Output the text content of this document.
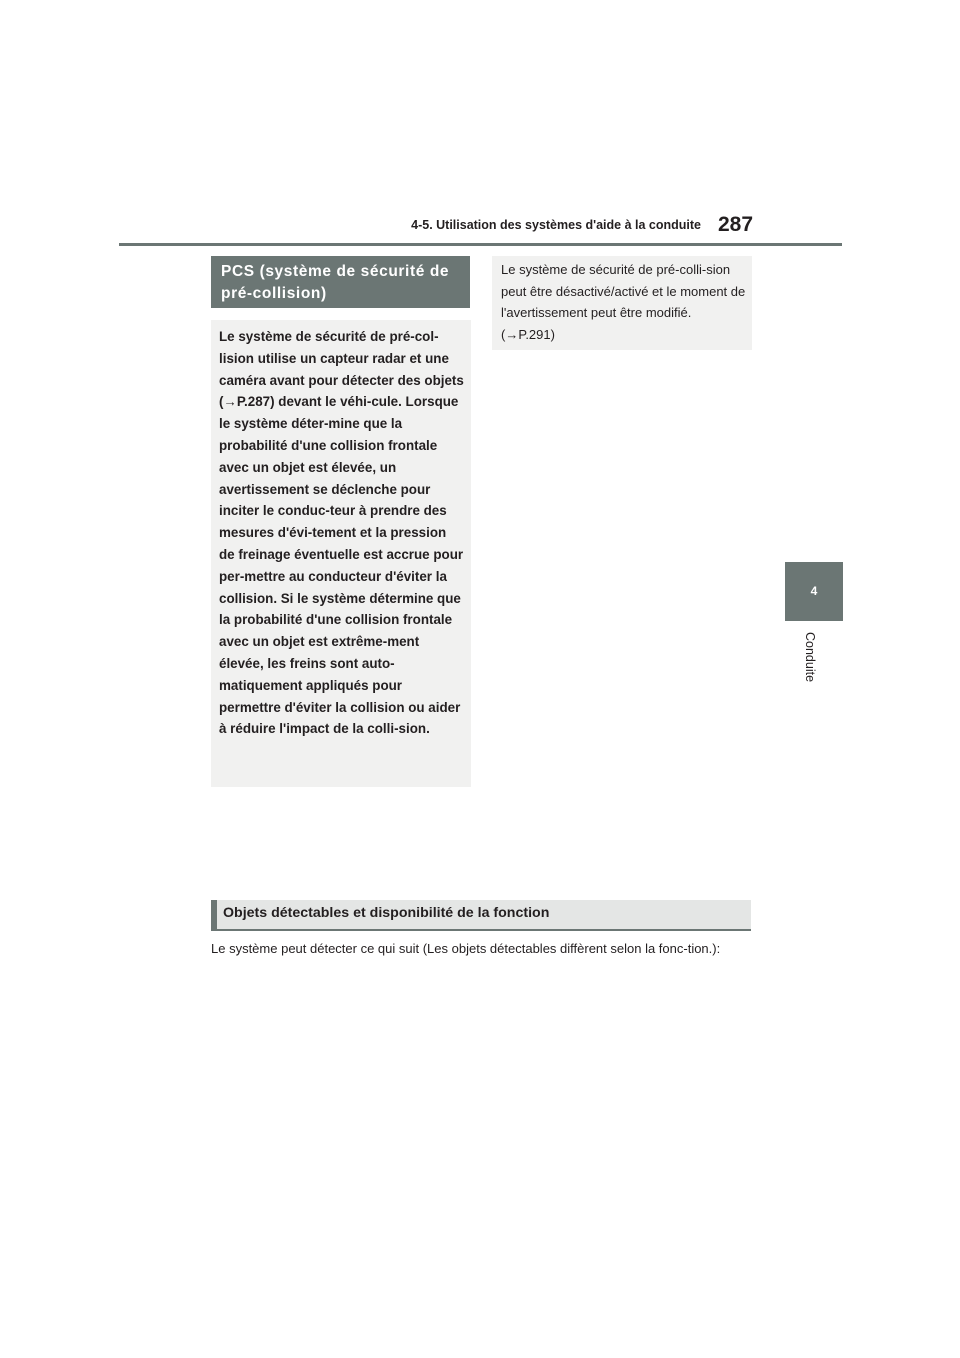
4-5. Utilisation des systèmes d'aide à la conduite 287
4
Conduite
PCS (système de sécurité de pré-collision)
Le système de sécurité de pré-col-lision utilise un capteur radar et une caméra avant pour détecter des objets (→P.287) devant le véhi-cule. Lorsque le système déter-mine que la probabilité d'une collision frontale avec un objet est élevée, un avertissement se déclenche pour inciter le conduc-teur à prendre des mesures d'évi-tement et la pression de freinage éventuelle est accrue pour per-mettre au conducteur d'éviter la collision. Si le système détermine que la probabilité d'une collision frontale avec un objet est extrême-ment élevée, les freins sont auto-matiquement appliqués pour permettre d'éviter la collision ou aider à réduire l'impact de la colli-sion.
Le système de sécurité de pré-colli-sion peut être désactivé/activé et le moment de l'avertissement peut être modifié. (→P.291)
Objets détectables et disponibilité de la fonction
Le système peut détecter ce qui suit (Les objets détectables diffèrent selon la fonc-tion.):
